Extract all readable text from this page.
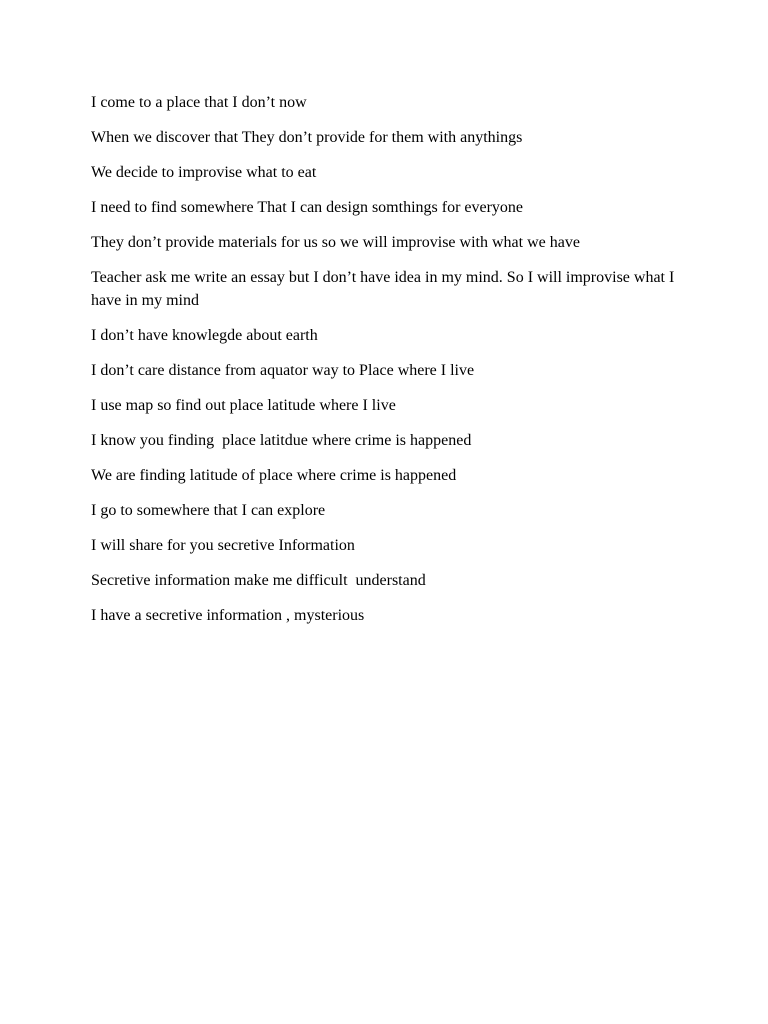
I come to a place that I don’t now

When we discover that They don’t provide for them with anythings

We decide to improvise what to eat

I need to find somewhere That I can design somthings for everyone

They don’t provide materials for us so we will improvise with what we have

Teacher ask me write an essay but I don’t have idea in my mind. So I will improvise what I have in my mind

I don’t have knowlegde about earth

I don’t care distance from aquator way to Place where I live

I use map so find out place latitude where I live

I know you finding  place latitdue where crime is happened

We are finding latitude of place where crime is happened

I go to somewhere that I can explore

I will share for you secretive Information

Secretive information make me difficult  understand

I have a secretive information , mysterious
